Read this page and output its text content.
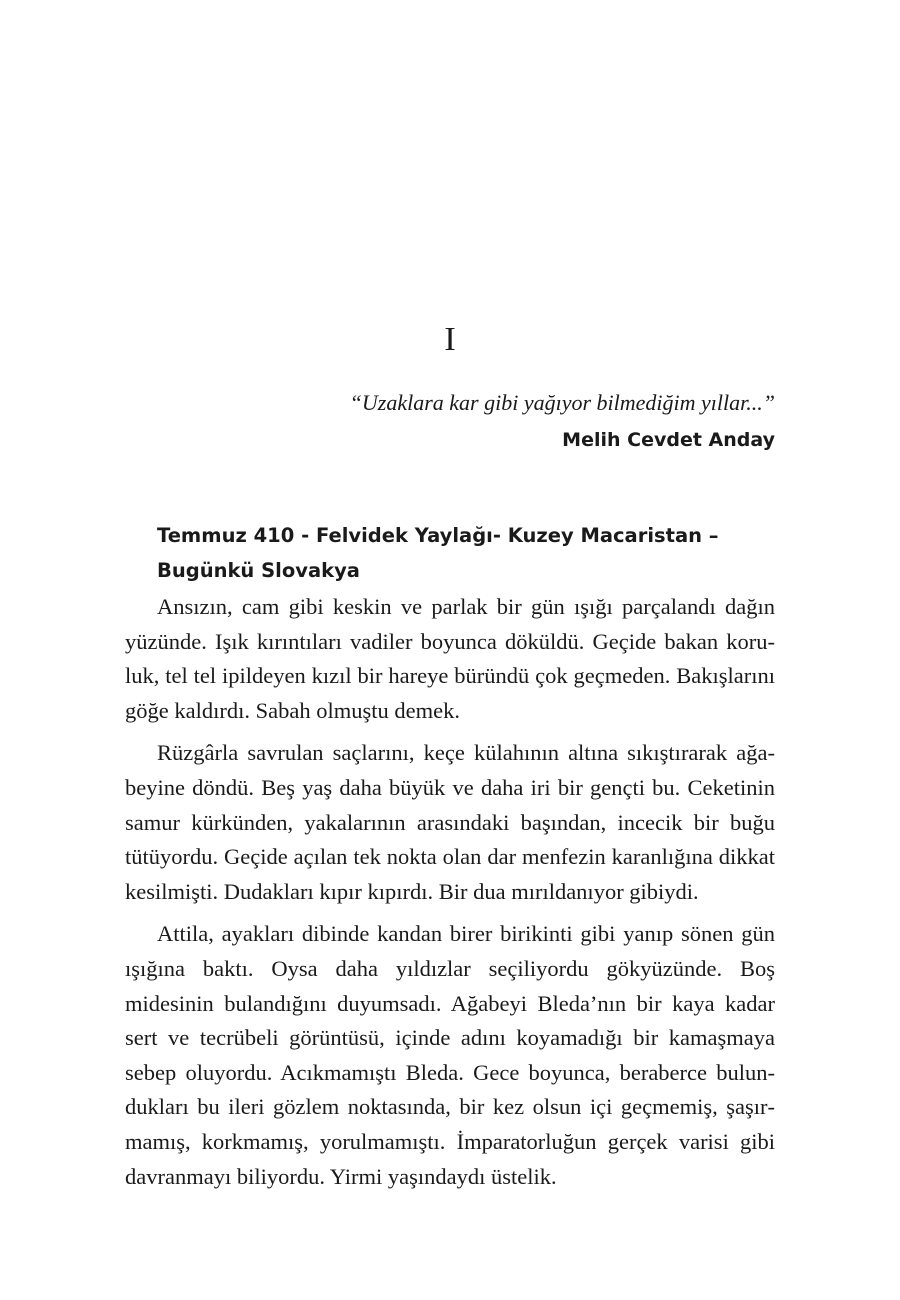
I
“Uzaklara kar gibi yağıyor bilmediğim yıllar...”
Melih Cevdet Anday
Temmuz 410 - Felvidek Yaylağı- Kuzey Macaristan –
Bugünkü Slovakya

Ansızın, cam gibi keskin ve parlak bir gün ışığı parçalandı dağın yüzünde. Işık kırıntıları vadiler boyunca döküldü. Geçide bakan koruluk, tel tel ipildeyen kızıl bir hareye büründü çok geçmeden. Bakışlarını göğe kaldırdı. Sabah olmuştu demek.

Rüzgârla savrulan saçlarını, keçe külahının altına sıkıştırarak ağabeyine döndü. Beş yaş daha büyük ve daha iri bir gençti bu. Ceketinin samur kürkünden, yakalarının arasındaki başından, incecik bir buğu tütüyordu. Geçide açılan tek nokta olan dar menfezin karanlığına dikkat kesilmişti. Dudakları kıpır kıpırdı. Bir dua mırıldanıyor gibiydi.

Attila, ayakları dibinde kandan birer birikinti gibi yanıp sönen gün ışığına baktı. Oysa daha yıldızlar seçiliyordu gökyüzünde. Boş midesinin bulandığını duyumsadı. Ağabeyi Bleda’nın bir kaya kadar sert ve tecrübeli görüntüsü, içinde adını koyamadığı bir kamaşmaya sebep oluyordu. Acıkmamıştı Bleda. Gece boyunca, beraberce bulundukları bu ileri gözlem noktasında, bir kez olsun içi geçmemiş, şaşırmamış, korkmamış, yorulmamıştı. İmparatorluğun gerçek varisi gibi davranmayı biliyordu. Yirmi yaşındaydı üstelik.
